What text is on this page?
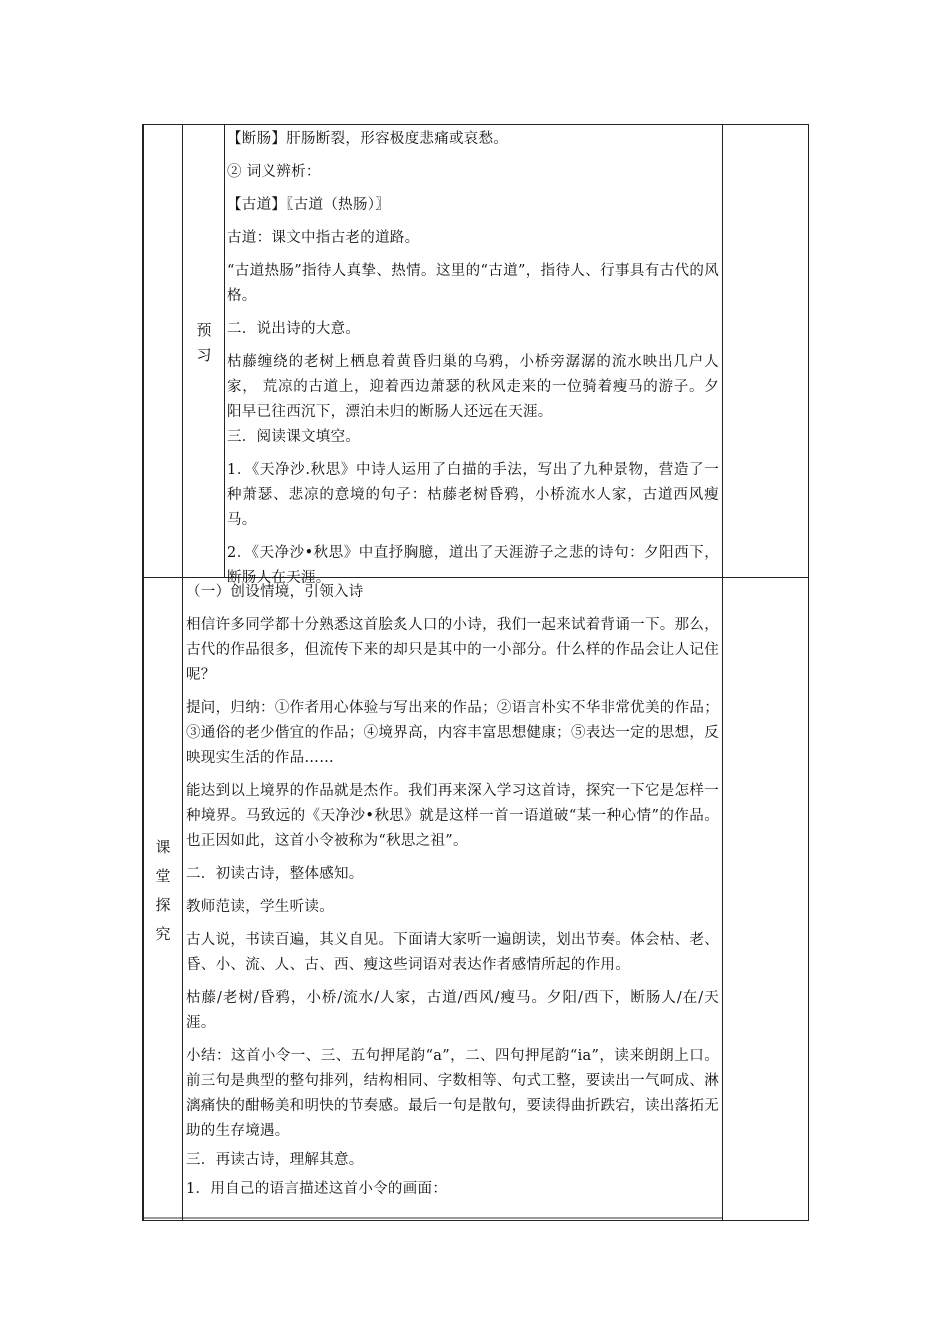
预
习
课
堂
探
究

【断肠】肝肠断裂，形容极度悲痛或哀愁。

② 词义辨析：

【古道】〖古道（热肠）〗

古道：课文中指古老的道路。

“古道热肠”指待人真挚、热情。这里的“古道”，指待人、行事具有古代的风格。

二．说出诗的大意。

枯藤缠绕的老树上栖息着黄昏归巢的乌鸦，小桥旁潺潺的流水映出几户人家， 荒凉的古道上，迎着西边萧瑟的秋风走来的一位骑着瘦马的游子。夕阳早已往西沉下，漂泊未归的断肠人还远在天涯。

三．阅读课文填空。

1．《天净沙.秋思》中诗人运用了白描的手法，写出了九种景物，营造了一种萧瑟、悲凉的意境的句子：枯藤老树昏鸦，小桥流水人家，古道西风瘦马。

2．《天净沙•秋思》中直抒胸臆，道出了天涯游子之悲的诗句：夕阳西下，断肠人在天涯。

（一）创设情境，引领入诗

相信许多同学都十分熟悉这首脍炙人口的小诗，我们一起来试着背诵一下。那么，古代的作品很多，但流传下来的却只是其中的一小部分。什么样的作品会让人记住呢？

提问，归纳：①作者用心体验与写出来的作品；②语言朴实不华非常优美的作品；③通俗的老少偕宜的作品；④境界高，内容丰富思想健康；⑤表达一定的思想，反映现实生活的作品……

能达到以上境界的作品就是杰作。我们再来深入学习这首诗，探究一下它是怎样一种境界。马致远的《天净沙•秋思》就是这样一首一语道破“某一种心情”的作品。也正因如此，这首小令被称为“秋思之祖”。

二．初读古诗，整体感知。

教师范读，学生听读。

古人说，书读百遍，其义自见。下面请大家听一遍朗读，划出节奏。体会枯、老、昏、小、流、人、古、西、瘦这些词语对表达作者感情所起的作用。

枯藤/老树/昏鸦，小桥/流水/人家，古道/西风/瘦马。夕阳/西下，断肠人/在/天涯。

小结：这首小令一、三、五句押尾韵“a”，二、四句押尾韵“ia”，读来朗朗上口。前三句是典型的整句排列，结构相同、字数相等、句式工整，要读出一气呵成、淋漓痛快的酣畅美和明快的节奏感。最后一句是散句，要读得曲折跌宕，读出落拓无助的生存境遇。

三．再读古诗，理解其意。

1．用自己的语言描述这首小令的画面：
